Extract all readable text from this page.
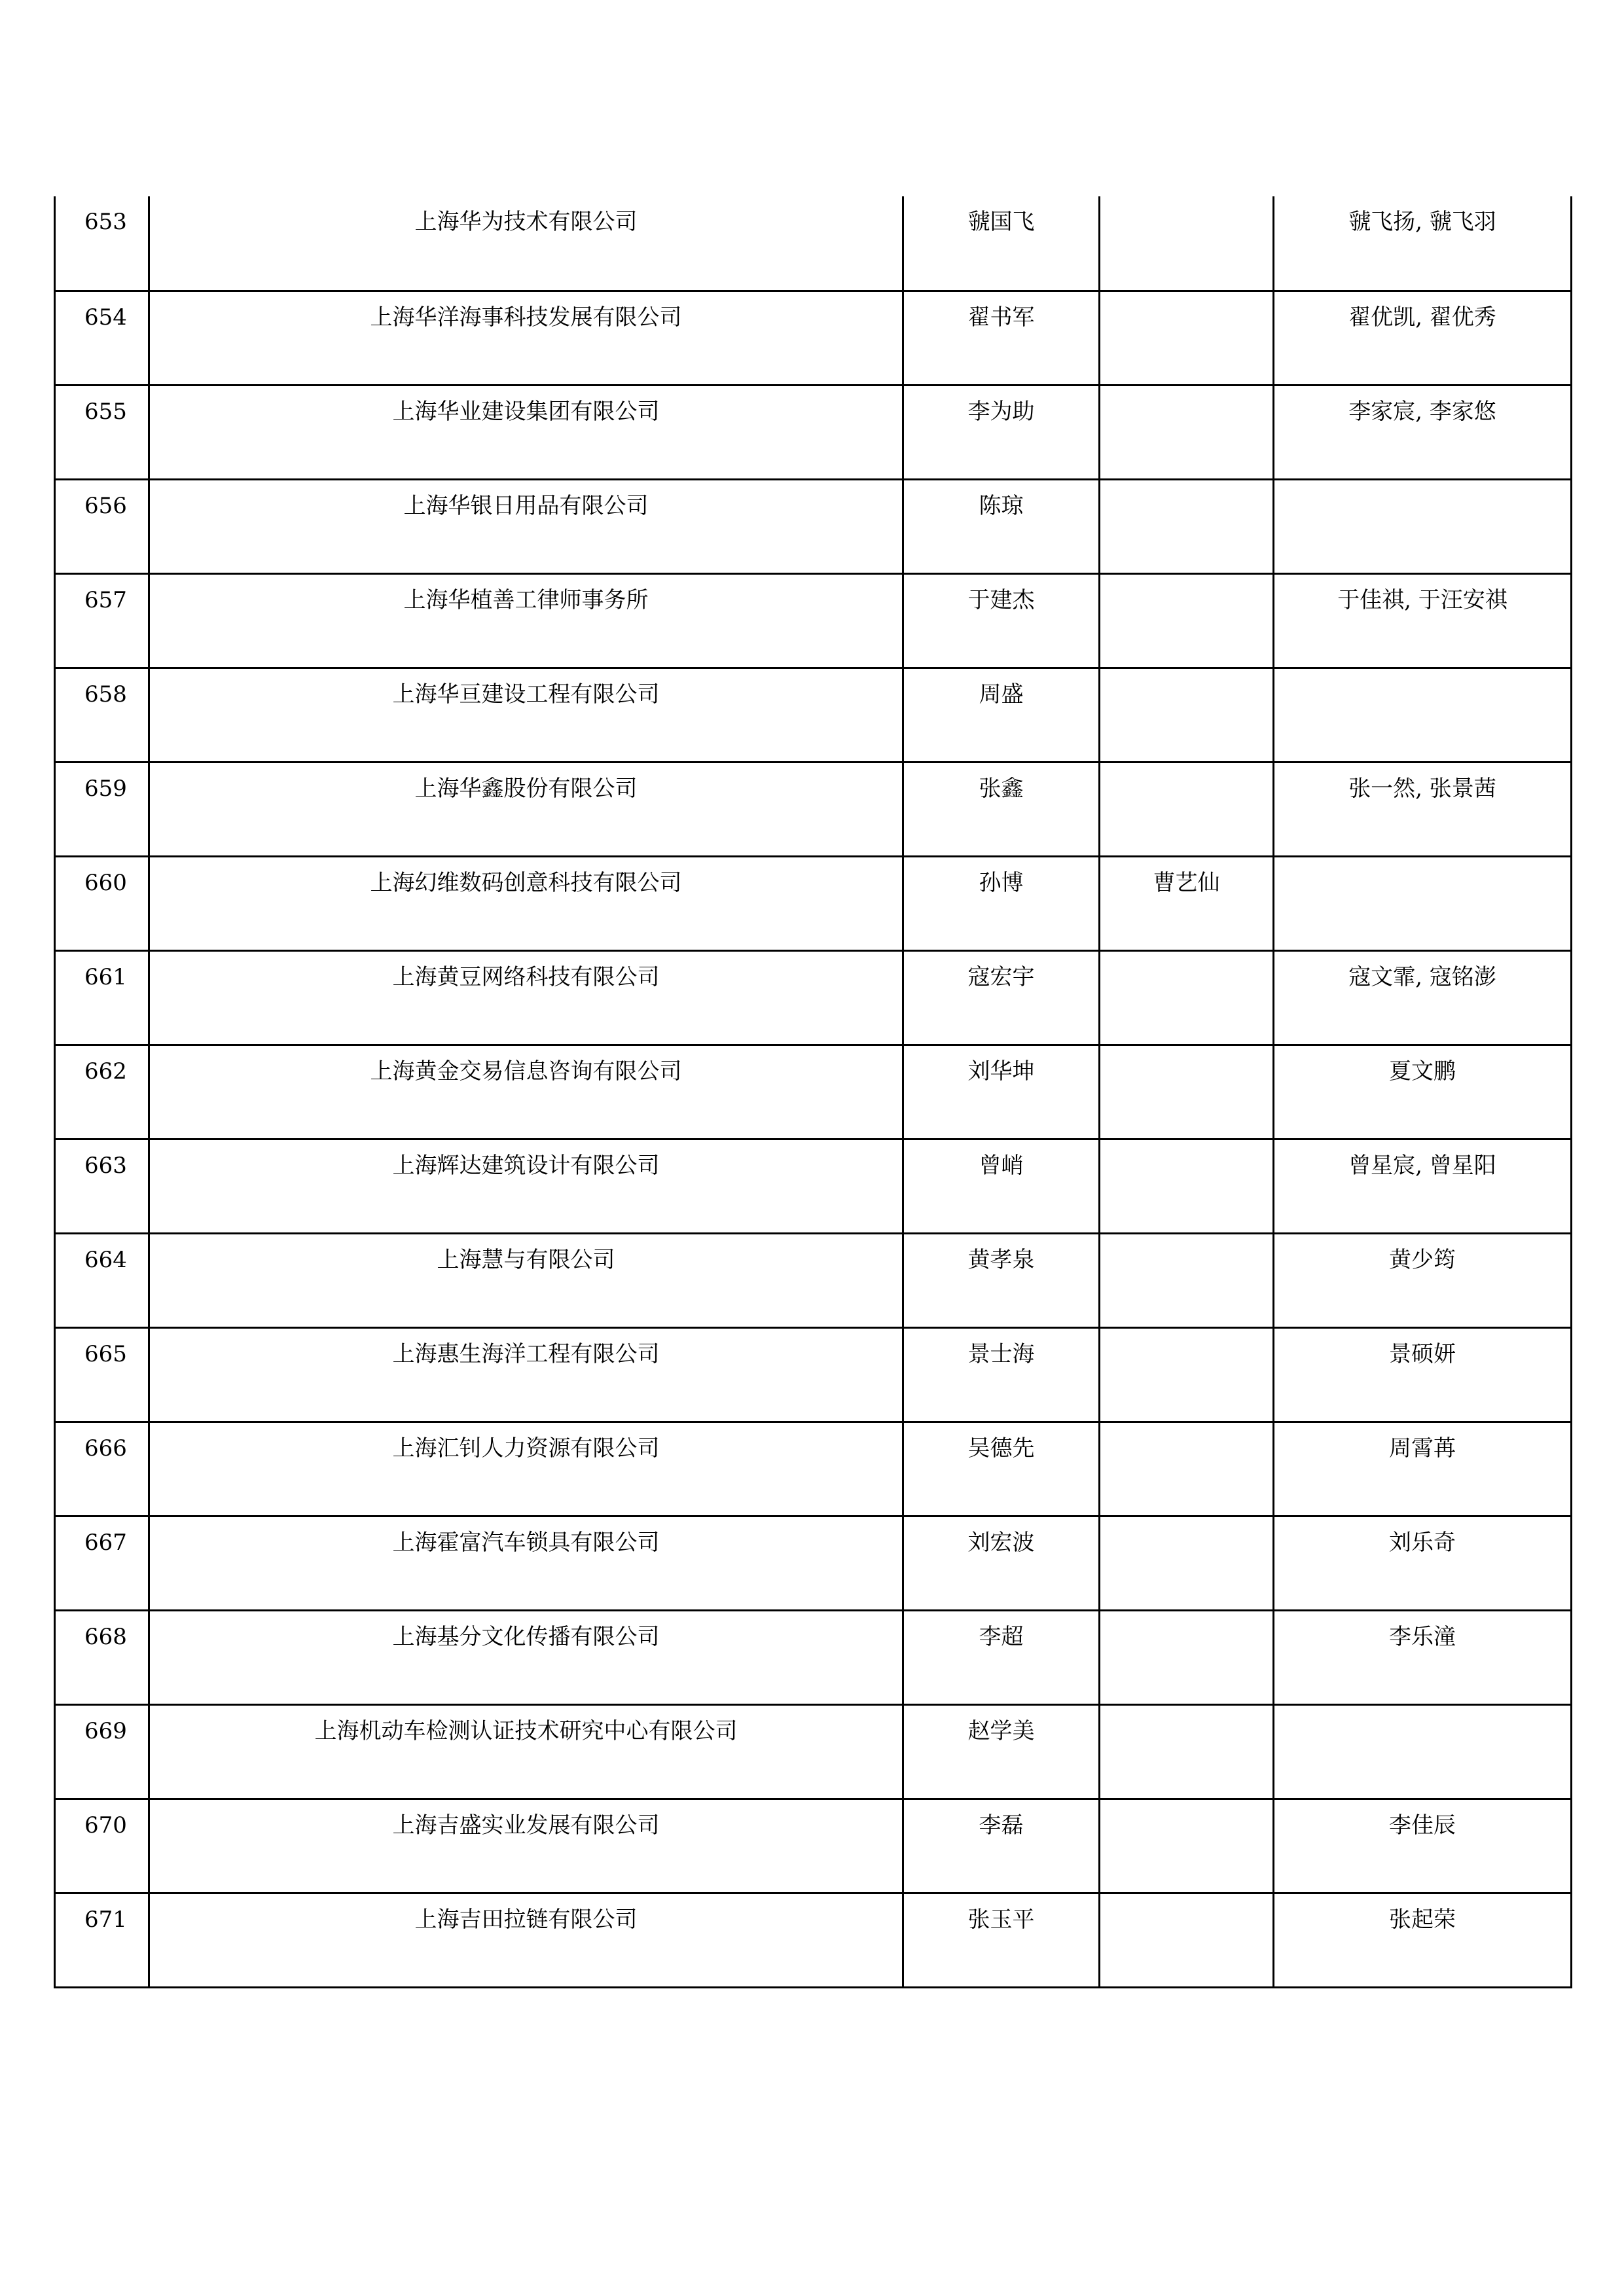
653	上海华为技术有限公司	虢国飞		虢飞扬, 虢飞羽
654	上海华洋海事科技发展有限公司	翟书军		翟优凯, 翟优秀
655	上海华业建设集团有限公司	李为助		李家宸, 李家悠
656	上海华银日用品有限公司	陈琼		
657	上海华植善工律师事务所	于建杰		于佳祺, 于汪安祺
658	上海华亘建设工程有限公司	周盛		
659	上海华鑫股份有限公司	张鑫		张一然, 张景茜
660	上海幻维数码创意科技有限公司	孙博	曹艺仙	
661	上海黄豆网络科技有限公司	寇宏宇		寇文霏, 寇铭澎
662	上海黄金交易信息咨询有限公司	刘华坤		夏文鹏
663	上海辉达建筑设计有限公司	曾峭		曾星宸, 曾星阳
664	上海慧与有限公司	黄孝泉		黄少筠
665	上海惠生海洋工程有限公司	景士海		景硕妍
666	上海汇钊人力资源有限公司	吴德先		周霄苒
667	上海霍富汽车锁具有限公司	刘宏波		刘乐奇
668	上海基分文化传播有限公司	李超		李乐潼
669	上海机动车检测认证技术研究中心有限公司	赵学美		
670	上海吉盛实业发展有限公司	李磊		李佳辰
671	上海吉田拉链有限公司	张玉平		张起荣
